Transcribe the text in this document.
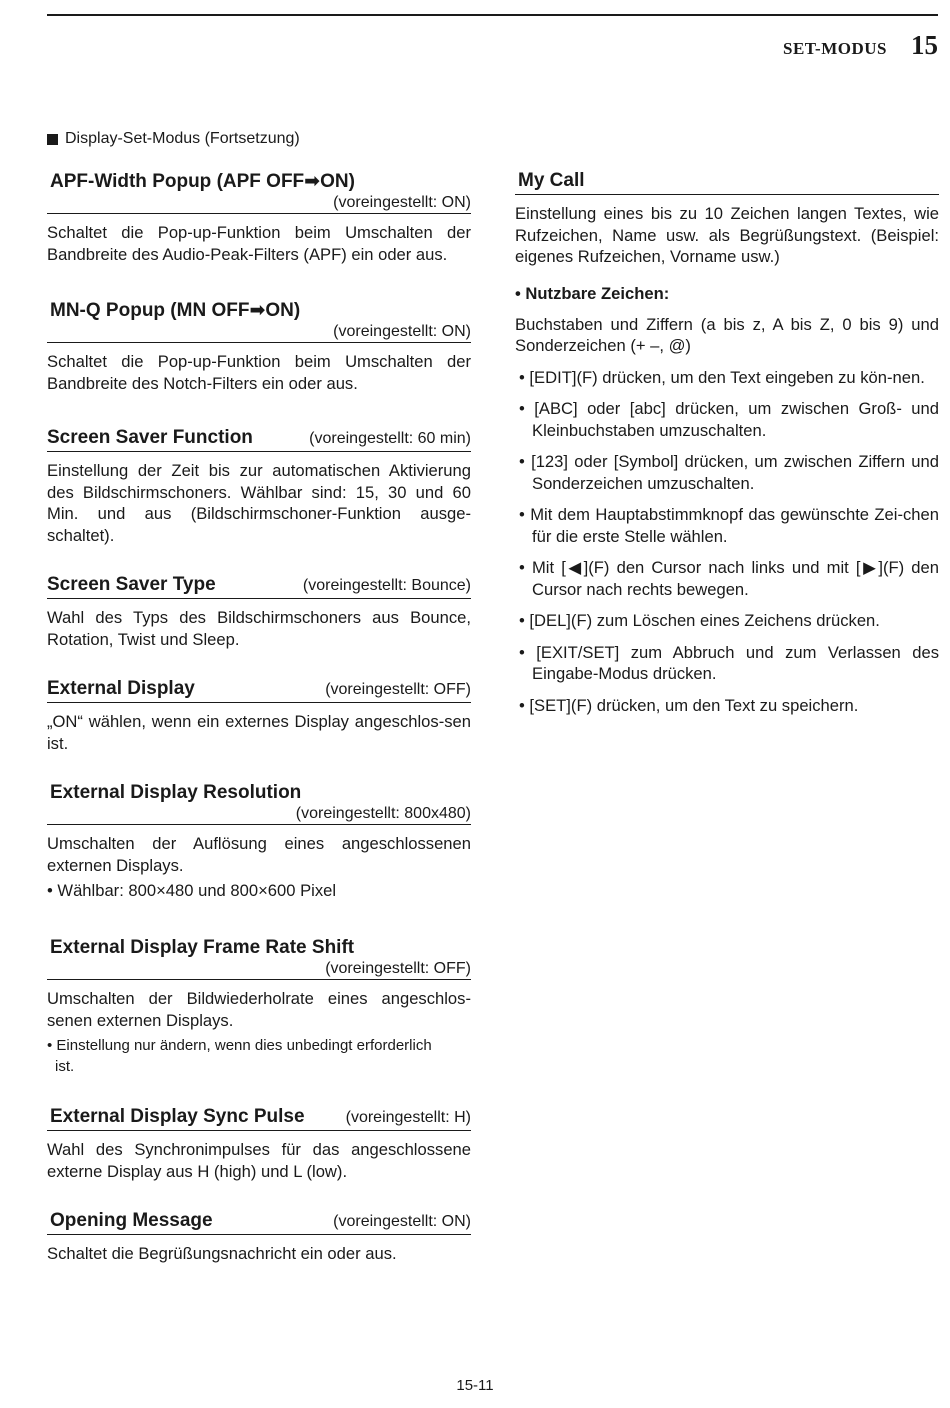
SET-MODUS 15
Display-Set-Modus (Fortsetzung)
APF-Width Popup (APF OFF➡ON)
(voreingestellt: ON)
Schaltet die Pop-up-Funktion beim Umschalten der Bandbreite des Audio-Peak-Filters (APF) ein oder aus.
MN-Q Popup (MN OFF➡ON)
(voreingestellt: ON)
Schaltet die Pop-up-Funktion beim Umschalten der Bandbreite des Notch-Filters ein oder aus.
Screen Saver Function	(voreingestellt: 60 min)
Einstellung der Zeit bis zur automatischen Aktivierung des Bildschirmschoners. Wählbar sind: 15, 30 und 60 Min. und aus (Bildschirmschoner-Funktion ausge-schaltet).
Screen Saver Type	(voreingestellt: Bounce)
Wahl des Typs des Bildschirmschoners aus Bounce, Rotation, Twist und Sleep.
External Display	(voreingestellt: OFF)
„ON“ wählen, wenn ein externes Display angeschlos-sen ist.
External Display Resolution
(voreingestellt: 800x480)
Umschalten der Auflösung eines angeschlossenen externen Displays.
• Wählbar: 800×480 und 800×600 Pixel
External Display Frame Rate Shift
(voreingestellt: OFF)
Umschalten der Bildwiederholrate eines angeschlos-senen externen Displays.
• Einstellung nur ändern, wenn dies unbedingt erforderlich
ist.
External Display Sync Pulse	(voreingestellt: H)
Wahl des Synchronimpulses für das angeschlossene externe Display aus H (high) und L (low).
Opening Message	(voreingestellt: ON)
Schaltet die Begrüßungsnachricht ein oder aus.
My Call
Einstellung eines bis zu 10 Zeichen langen Textes, wie Rufzeichen, Name usw. als Begrüßungstext. (Beispiel: eigenes Rufzeichen, Vorname usw.)
• Nutzbare Zeichen:
Buchstaben und Ziffern (a bis z, A bis Z, 0 bis 9) und Sonderzeichen (+ –, @)
• [EDIT](F) drücken, um den Text eingeben zu kön-nen.
• [ABC] oder [abc] drücken, um zwischen Groß- und Kleinbuchstaben umzuschalten.
• [123] oder [Symbol] drücken, um zwischen Ziffern und Sonderzeichen umzuschalten.
• Mit dem Hauptabstimmknopf das gewünschte Zei-chen für die erste Stelle wählen.
• Mit [◀](F) den Cursor nach links und mit [▶](F) den Cursor nach rechts bewegen.
• [DEL](F) zum Löschen eines Zeichens drücken.
• [EXIT/SET] zum Abbruch und zum Verlassen des Eingabe-Modus drücken.
• [SET](F) drücken, um den Text zu speichern.
15-11
